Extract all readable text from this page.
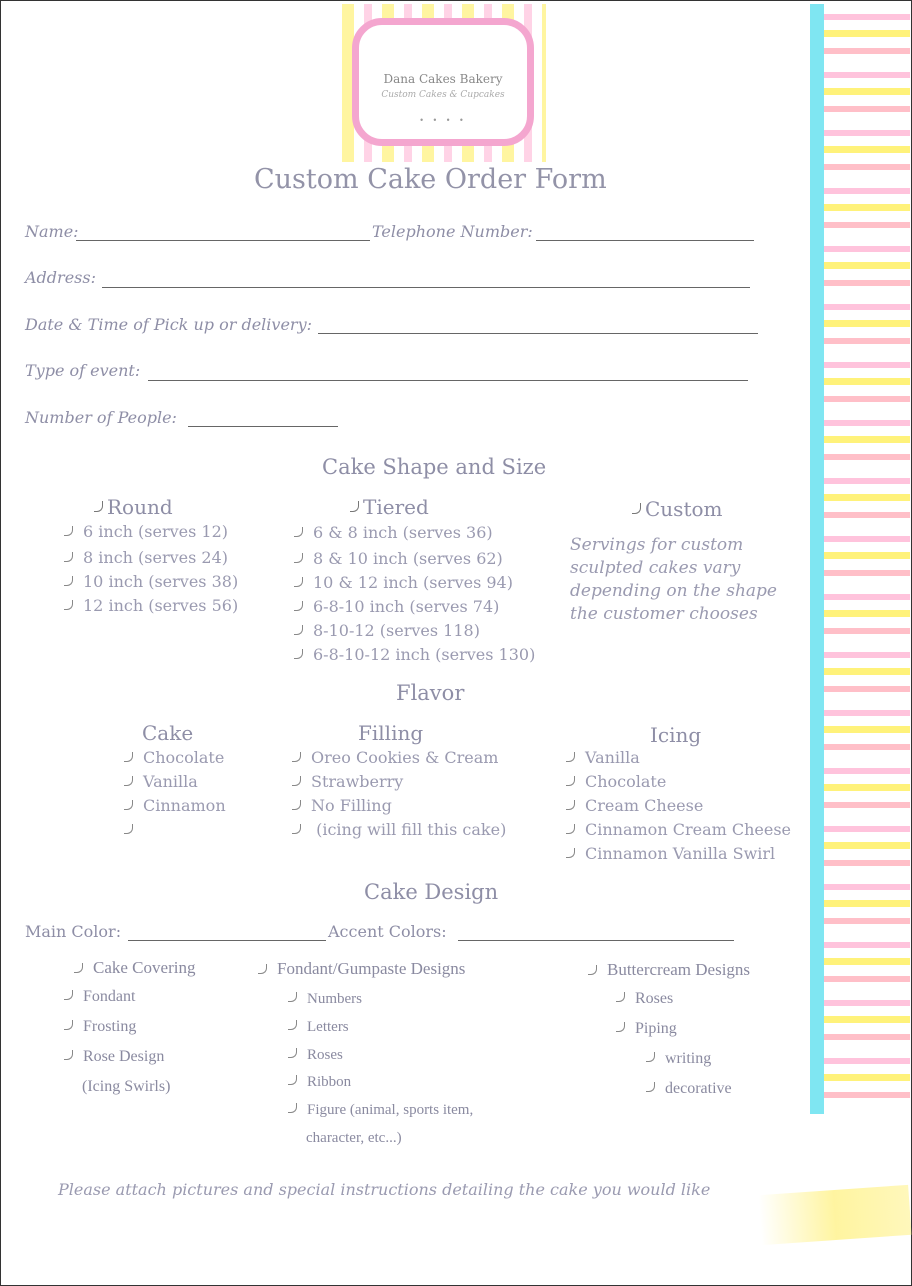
Dana Cakes Bakery
Custom Cakes & Cupcakes
• • • •
Custom Cake Order Form
Name:	Telephone Number:
Address:
Date & Time of Pick up or delivery:
Type of event:
Number of People:
Cake Shape and Size
Round
6 inch (serves 12)
8 inch (serves 24)
10 inch (serves 38)
12 inch (serves 56)
Tiered
6 & 8 inch (serves 36)
8 & 10 inch (serves 62)
10 & 12 inch (serves 94)
6-8-10 inch (serves 74)
8-10-12 (serves 118)
6-8-10-12 inch (serves 130)
Custom
Servings for custom
sculpted cakes vary
depending on the shape
the customer chooses
Flavor
Cake
Chocolate
Vanilla
Cinnamon
Filling
Oreo Cookies & Cream
Strawberry
No Filling
(icing will fill this cake)
Icing
Vanilla
Chocolate
Cream Cheese
Cinnamon Cream Cheese
Cinnamon Vanilla Swirl
Cake Design
Main Color:	Accent Colors:
Cake Covering
Fondant
Frosting
Rose Design
(Icing Swirls)
Fondant/Gumpaste Designs
Numbers
Letters
Roses
Ribbon
Figure (animal, sports item,
character, etc...)
Buttercream Designs
Roses
Piping
writing
decorative
Please attach pictures and special instructions detailing the cake you would like
